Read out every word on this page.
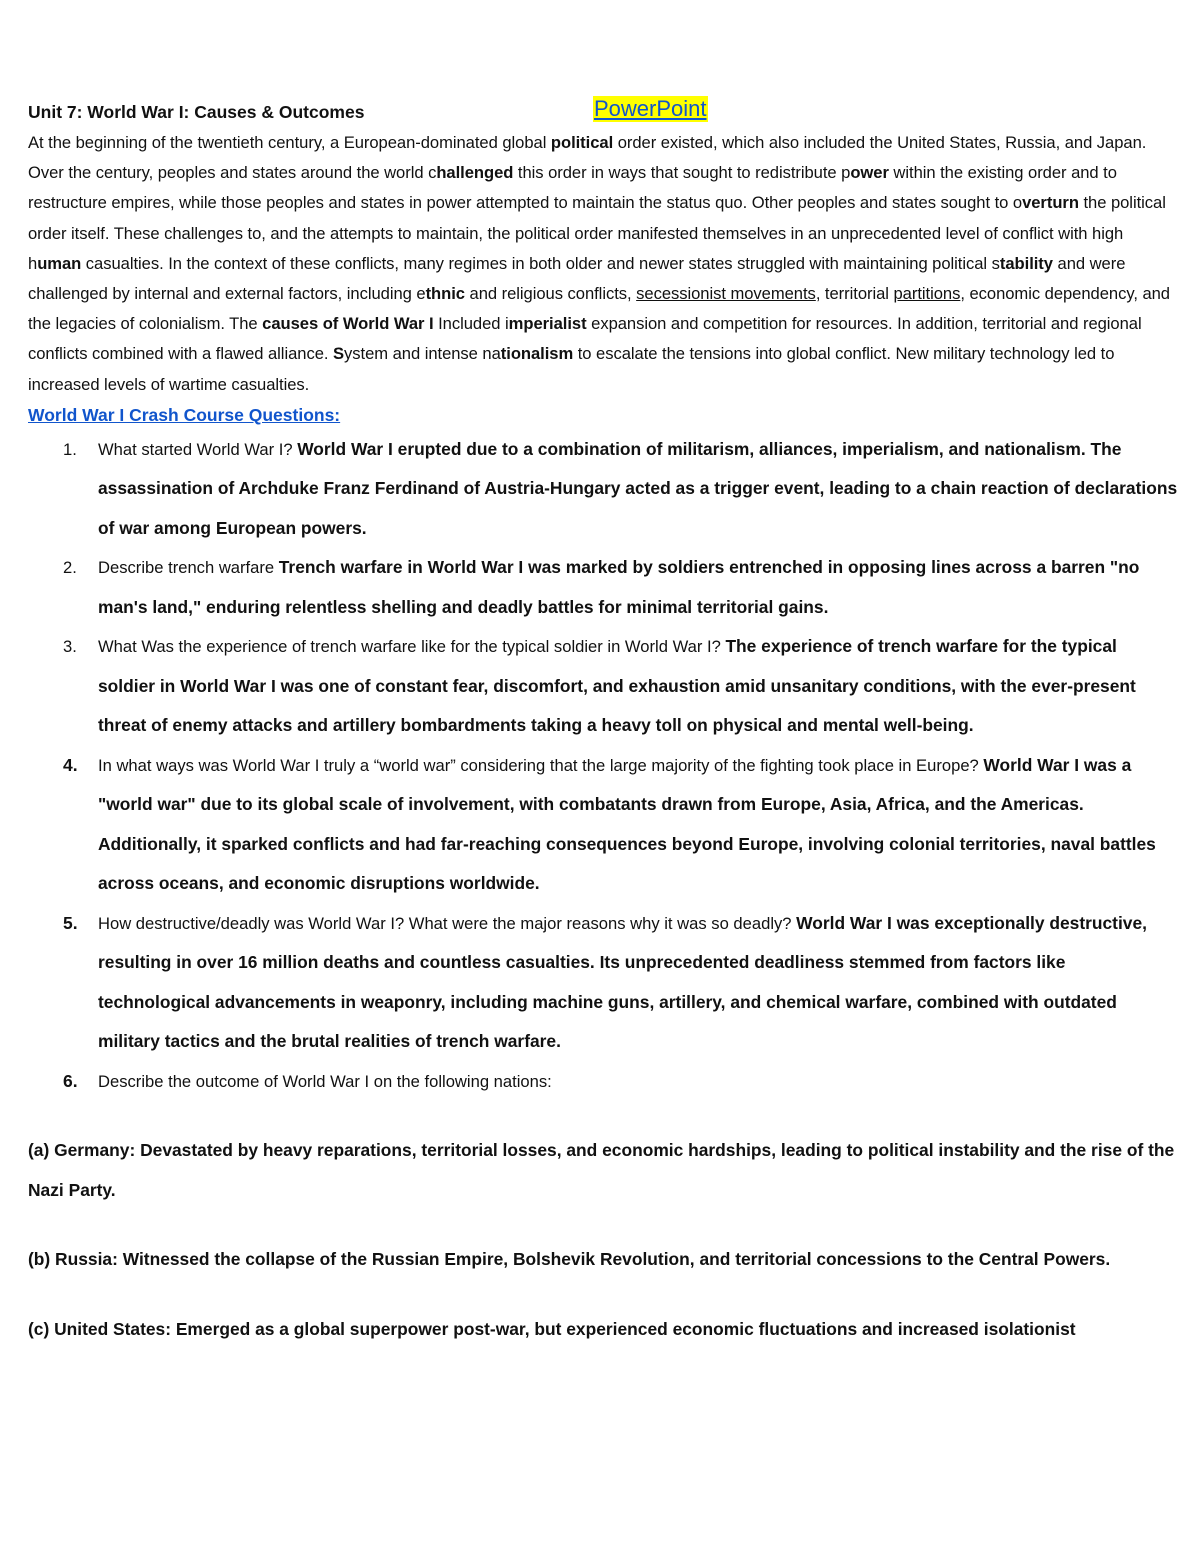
Unit 7: World War I: Causes & Outcomes	PowerPoint

At the beginning of the twentieth century, a European-dominated global political order existed, which also included the United States, Russia, and Japan. Over the century, peoples and states around the world challenged this order in ways that sought to redistribute power within the existing order and to restructure empires, while those peoples and states in power attempted to maintain the status quo. Other peoples and states sought to overturn the political order itself. These challenges to, and the attempts to maintain, the political order manifested themselves in an unprecedented level of conflict with high human casualties. In the context of these conflicts, many regimes in both older and newer states struggled with maintaining political stability and were challenged by internal and external factors, including ethnic and religious conflicts, secessionist movements, territorial partitions, economic dependency, and the legacies of colonialism. The causes of World War I Included imperialist expansion and competition for resources. In addition, territorial and regional conflicts combined with a flawed alliance. System and intense nationalism to escalate the tensions into global conflict. New military technology led to increased levels of wartime casualties.

World War I Crash Course Questions:
1. What started World War I? World War I erupted due to a combination of militarism, alliances, imperialism, and nationalism. The assassination of Archduke Franz Ferdinand of Austria-Hungary acted as a trigger event, leading to a chain reaction of declarations of war among European powers.
2. Describe trench warfare Trench warfare in World War I was marked by soldiers entrenched in opposing lines across a barren "no man's land," enduring relentless shelling and deadly battles for minimal territorial gains.
3. What Was the experience of trench warfare like for the typical soldier in World War I? The experience of trench warfare for the typical soldier in World War I was one of constant fear, discomfort, and exhaustion amid unsanitary conditions, with the ever-present threat of enemy attacks and artillery bombardments taking a heavy toll on physical and mental well-being.
4. In what ways was World War I truly a “world war” considering that the large majority of the fighting took place in Europe? World War I was a "world war" due to its global scale of involvement, with combatants drawn from Europe, Asia, Africa, and the Americas. Additionally, it sparked conflicts and had far-reaching consequences beyond Europe, involving colonial territories, naval battles across oceans, and economic disruptions worldwide.
5. How destructive/deadly was World War I? What were the major reasons why it was so deadly? World War I was exceptionally destructive, resulting in over 16 million deaths and countless casualties. Its unprecedented deadliness stemmed from factors like technological advancements in weaponry, including machine guns, artillery, and chemical warfare, combined with outdated military tactics and the brutal realities of trench warfare.
6. Describe the outcome of World War I on the following nations:

(a) Germany: Devastated by heavy reparations, territorial losses, and economic hardships, leading to political instability and the rise of the Nazi Party.

(b) Russia: Witnessed the collapse of the Russian Empire, Bolshevik Revolution, and territorial concessions to the Central Powers.

(c) United States: Emerged as a global superpower post-war, but experienced economic fluctuations and increased isolationist
